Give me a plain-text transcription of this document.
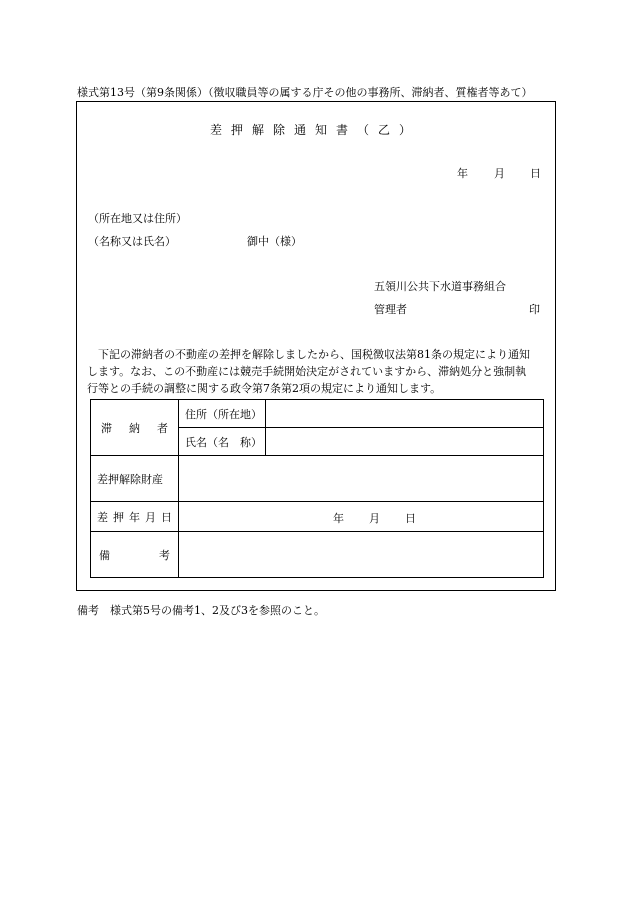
様式第13号（第9条関係）（徴収職員等の属する庁その他の事務所、滞納者、質権者等あて）
差押解除通知書（乙）
年 月 日
（所在地又は住所）
（名称又は氏名）	御中（様）
五領川公共下水道事務組合
管理者	印
下記の滞納者の不動産の差押を解除しましたから、国税徴収法第81条の規定により通知
します。なお、この不動産には競売手続開始決定がされていますから、滞納処分と強制執
行等との手続の調整に関する政令第7条第2項の規定により通知します。
滞 納 者	住所（所在地）	
	氏名（名　称）	
差押解除財産		

差 押 年 月 日	年 月 日	

備 考		

備考　様式第5号の備考1、2及び3を参照のこと。
